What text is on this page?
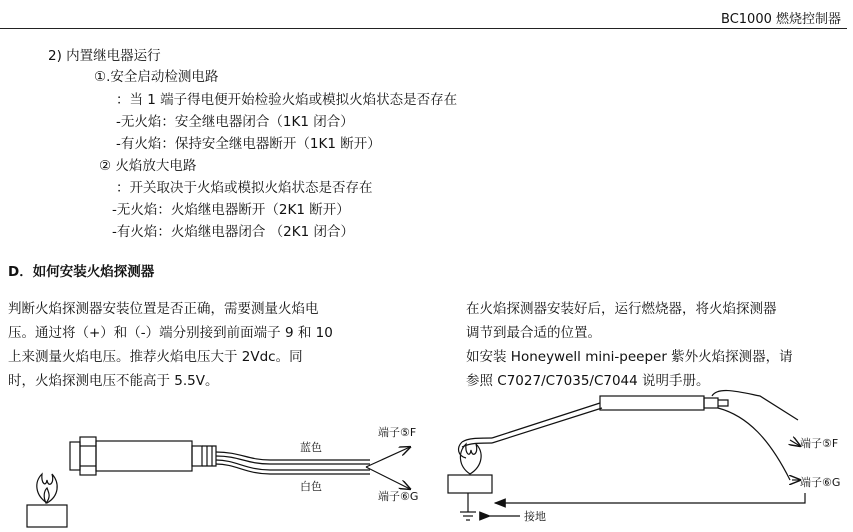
BC1000 燃烧控制器
2) 内置继电器运行
①.安全启动检测电路
：当 1 端子得电便开始检验火焰或模拟火焰状态是否存在
-无火焰：安全继电器闭合（1K1 闭合）
-有火焰：保持安全继电器断开（1K1 断开）
② 火焰放大电路
：开关取决于火焰或模拟火焰状态是否存在
-无火焰：火焰继电器断开（2K1 断开）
-有火焰：火焰继电器闭合 （2K1 闭合）
D．如何安装火焰探测器
判断火焰探测器安装位置是否正确，需要测量火焰电
压。通过将（+）和（-）端分别接到前面端子 9 和 10
上来测量火焰电压。推荐火焰电压大于 2Vdc。同
时，火焰探测电压不能高于 5.5V。
在火焰探测器安装好后，运行燃烧器，将火焰探测器
调节到最合适的位置。
如安装 Honeywell mini-peeper 紫外火焰探测器，请
参照 C7027/C7035/C7044 说明手册。
蓝色
白色
端子⑤F
端子⑥G
端子⑤F
端子⑥G
接地
